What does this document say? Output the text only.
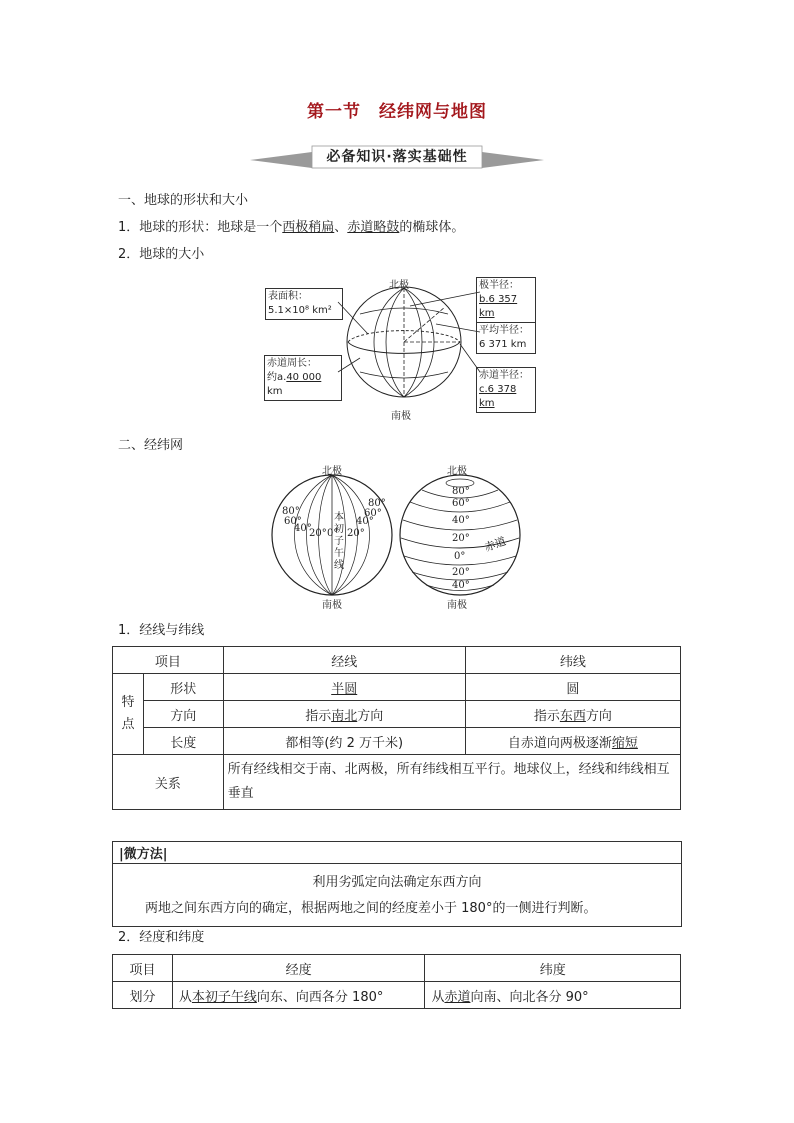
第一节　经纬网与地图
必备知识·落实基础性
一、地球的形状和大小
1．地球的形状：地球是一个西极稍扁、赤道略鼓的椭球体。
2．地球的大小
北极
南极
表面积：
5.1×10⁸ km²
赤道周长：
约a.40 000 km
极半径：
b.6 357 km
平均半径：
6 371 km
赤道半径：
c.6 378 km
二、经纬网
北极
南极
北极
南极
80°
60°
40°
20° 0° 20°
40°
60°
80°
本初子午线
80°
60°
40°
20°
0°
20°
40°
赤道
1．经线与纬线
项目		经线	纬线

特点	形状	半圆	圆
	方向	指示南北方向	指示东西方向
	长度	都相等(约 2 万千米)	自赤道向两极逐渐缩短
关系		所有经线相交于南、北两极，所有纬线相互平行。地球仪上，经线和纬线相互垂直	
|微方法|
利用劣弧定向法确定东西方向
两地之间东西方向的确定，根据两地之间的经度差小于 180°的一侧进行判断。
2．经度和纬度
项目	经度	纬度
划分	从本初子午线向东、向西各分 180°	从赤道向南、向北各分 90°
